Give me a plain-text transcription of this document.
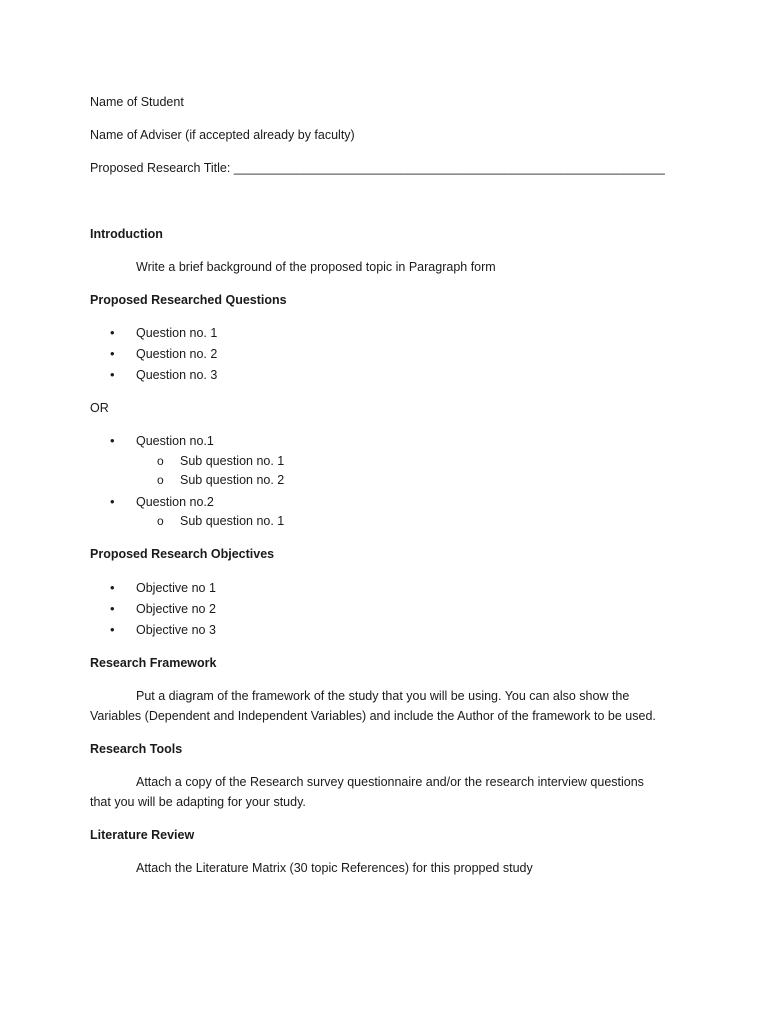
Name of Student
Name of Adviser (if accepted already by faculty)
Proposed Research Title: ______________________________________________________________
Introduction
Write a brief background of the proposed topic in Paragraph form
Proposed Researched Questions
• Question no. 1
• Question no. 2
• Question no. 3
OR
• Question no.1
o Sub question no. 1
o Sub question no. 2
• Question no.2
o Sub question no. 1
Proposed Research Objectives
• Objective no 1
• Objective no 2
• Objective no 3
Research Framework
Put a diagram of the framework of the study that you will be using. You can also show the
Variables (Dependent and Independent Variables) and include the Author of the framework to be used.
Research Tools
Attach a copy of the Research survey questionnaire and/or the research interview questions
that you will be adapting for your study.
Literature Review
Attach the Literature Matrix (30 topic References) for this propped study
